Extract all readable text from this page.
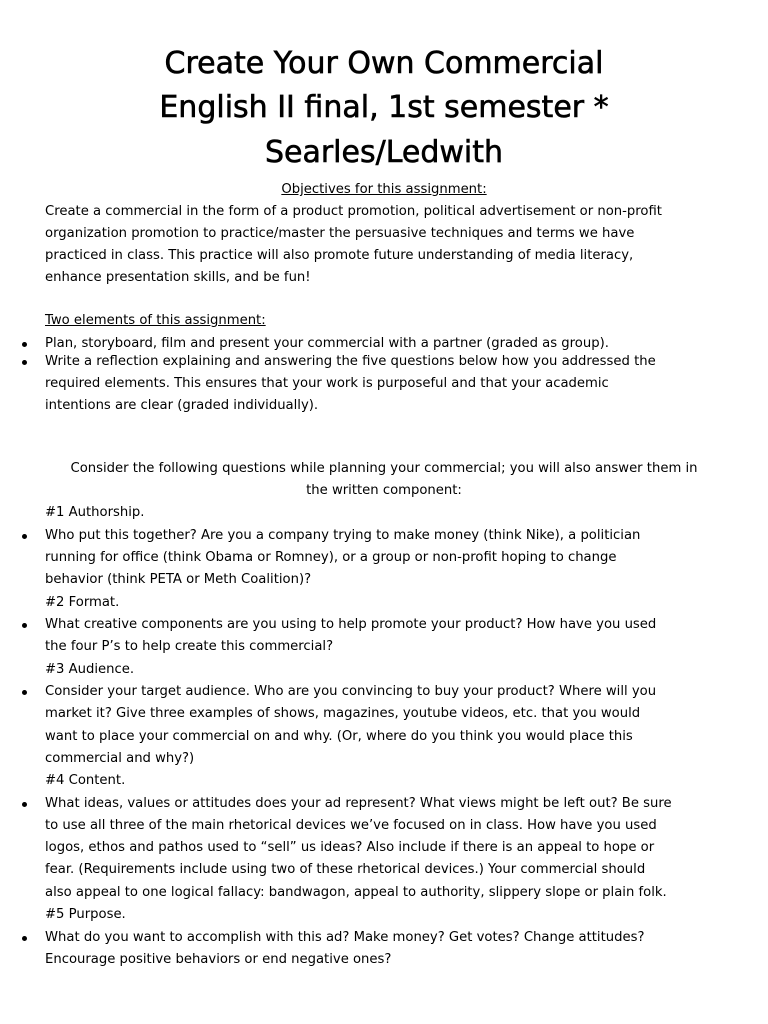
Create Your Own Commercial
English II final, 1st semester *
Searles/Ledwith
Objectives for this assignment:
Create a commercial in the form of a product promotion, political advertisement or non-profit
organization promotion to practice/master the persuasive techniques and terms we have
practiced in class. This practice will also promote future understanding of media literacy,
enhance presentation skills, and be fun!
Two elements of this assignment:
Plan, storyboard, film and present your commercial with a partner (graded as group).
Write a reflection explaining and answering the five questions below how you addressed the
required elements. This ensures that your work is purposeful and that your academic
intentions are clear (graded individually).
Consider the following questions while planning your commercial; you will also answer them in
the written component:
#1 Authorship.
Who put this together? Are you a company trying to make money (think Nike), a politician
running for office (think Obama or Romney), or a group or non-profit hoping to change
behavior (think PETA or Meth Coalition)?
#2 Format.
What creative components are you using to help promote your product? How have you used
the four P’s to help create this commercial?
#3 Audience.
Consider your target audience. Who are you convincing to buy your product? Where will you
market it? Give three examples of shows, magazines, youtube videos, etc. that you would
want to place your commercial on and why. (Or, where do you think you would place this
commercial and why?)
#4 Content.
What ideas, values or attitudes does your ad represent? What views might be left out? Be sure
to use all three of the main rhetorical devices we’ve focused on in class. How have you used
logos, ethos and pathos used to “sell” us ideas? Also include if there is an appeal to hope or
fear. (Requirements include using two of these rhetorical devices.) Your commercial should
also appeal to one logical fallacy: bandwagon, appeal to authority, slippery slope or plain folk.
#5 Purpose.
What do you want to accomplish with this ad? Make money? Get votes? Change attitudes?
Encourage positive behaviors or end negative ones?
